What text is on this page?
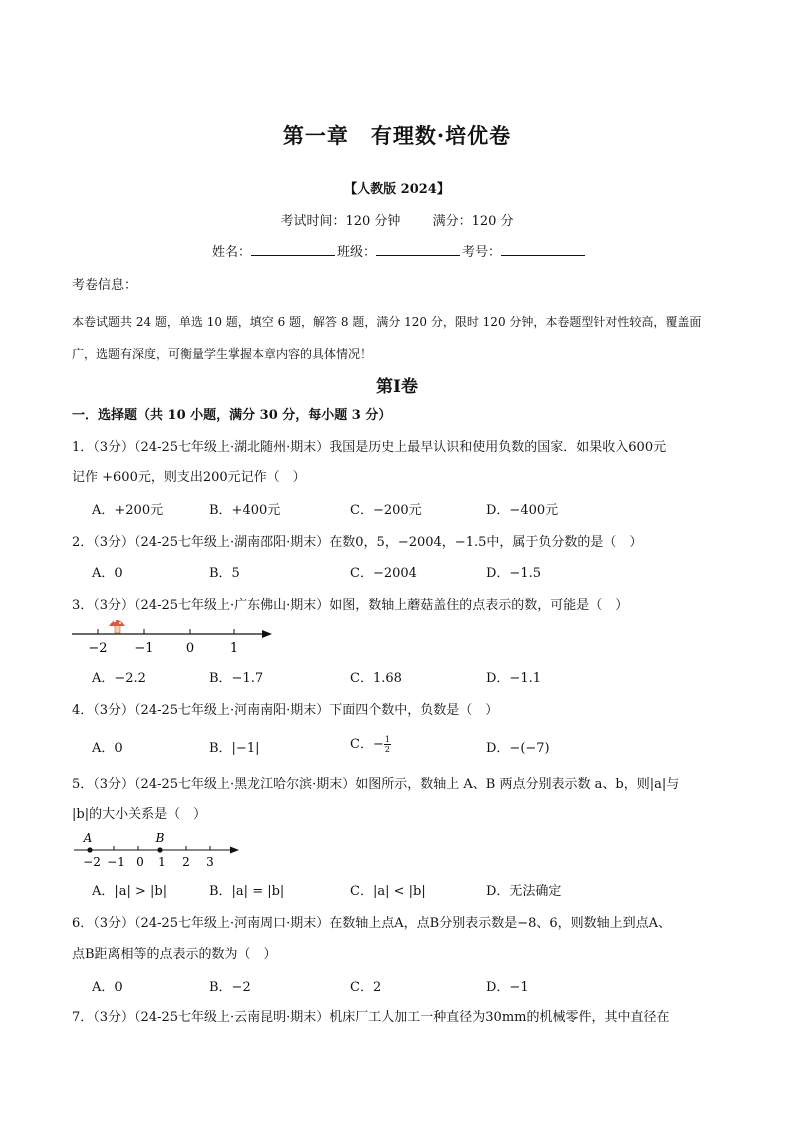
第一章　有理数·培优卷
【人教版 2024】
考试时间：120 分钟 满分：120 分
姓名：	班级：	考号：
考卷信息：
本卷试题共 24 题，单选 10 题，填空 6 题，解答 8 题，满分 120 分，限时 120 分钟，本卷题型针对性较高，覆盖面广，选题有深度，可衡量学生掌握本章内容的具体情况！
第Ⅰ卷
一．选择题（共 10 小题，满分 30 分，每小题 3 分）
1．（3分）（24-25七年级上·湖北随州·期末）我国是历史上最早认识和使用负数的国家．如果收入600元
记作 +600元，则支出200元记作（　）
A．+200元	B．+400元	C．−200元	D．−400元
2．（3分）（24-25七年级上·湖南邵阳·期末）在数0，5，−2004，−1.5中，属于负分数的是（　）
A．0	B．5	C．−2004	D．−1.5
3．（3分）（24-25七年级上·广东佛山·期末）如图，数轴上蘑菇盖住的点表示的数，可能是（　）
−2 −1 0	1
A．−2.2	B．−1.7	C．1.68	D．−1.1
4．（3分）（24-25七年级上·河南南阳·期末）下面四个数中，负数是（　）
A．0	B．|−1|	C．− $\frac{1}{2}$	D．−(−7)
5．（3分）（24-25七年级上·黑龙江哈尔滨·期末）如图所示，数轴上 A、B 两点分别表示数 a、b，则|a|与
|b|的大小关系是（　）
A	B
−2 −1 0 1 2 3
A．|a| > |b|	B．|a| = |b|	C．|a| < |b|	D．无法确定
6．（3分）（24-25七年级上·河南周口·期末）在数轴上点A，点B分别表示数是−8、6，则数轴上到点A、
点B距离相等的点表示的数为（　）
A．0	B．−2	C．2	D．−1
7．（3分）（24-25七年级上·云南昆明·期末）机床厂工人加工一种直径为30mm的机械零件，其中直径在
